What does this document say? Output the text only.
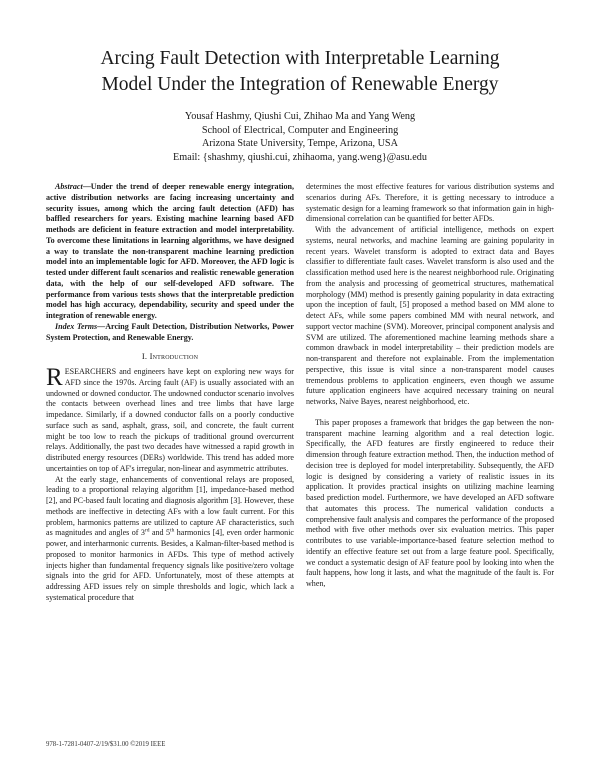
Arcing Fault Detection with Interpretable Learning
Model Under the Integration of Renewable Energy
Yousaf Hashmy, Qiushi Cui, Zhihao Ma and Yang Weng
School of Electrical, Computer and Engineering
Arizona State University, Tempe, Arizona, USA
Email: {shashmy, qiushi.cui, zhihaoma, yang.weng}@asu.edu

Abstract—Under the trend of deeper renewable energy integration, active distribution networks are facing increasing uncertainty and security issues, among which the arcing fault detection (AFD) has baffled researchers for years. Existing machine learning based AFD methods are deficient in feature extraction and model interpretability. To overcome these limitations in learning algorithms, we have designed a way to translate the non-transparent machine learning prediction model into an implementable logic for AFD. Moreover, the AFD logic is tested under different fault scenarios and realistic renewable generation data, with the help of our self-developed AFD software. The performance from various tests shows that the interpretable prediction model has high accuracy, dependability, security and speed under the integration of renewable energy.

Index Terms—Arcing Fault Detection, Distribution Networks, Power System Protection, and Renewable Energy.

I. Introduction

RESEARCHERS and engineers have kept on exploring new ways for AFD since the 1970s. Arcing fault (AF) is usually associated with an undowned or downed conductor. The undowned conductor scenario involves the contacts between overhead lines and tree limbs that have large impedance. Similarly, if a downed conductor falls on a poorly conductive surface such as sand, asphalt, grass, soil, and concrete, the fault current might be too low to reach the pickups of traditional ground overcurrent relays. Additionally, the past two decades have witnessed a rapid growth in distributed energy resources (DERs) worldwide. This trend has added more uncertainties on top of AF's irregular, non-linear and asymmetric attributes.

At the early stage, enhancements of conventional relays are proposed, leading to a proportional relaying algorithm [1], impedance-based method [2], and PC-based fault locating and diagnosis algorithm [3]. However, these methods are ineffective in detecting AFs with a low fault current. For this problem, harmonics patterns are utilized to capture AF characteristics, such as magnitudes and angles of 3rd and 5th harmonics [4], even order harmonic power, and interharmonic currents. Besides, a Kalman-filter-based method is proposed to monitor harmonics in AFDs. This type of method actively injects higher than fundamental frequency signals like positive/zero voltage signals into the grid for AFD. Unfortunately, most of these attempts at addressing AFD issues rely on simple thresholds and logic, which lack a systematical procedure that

978-1-7281-0407-2/19/$31.00 ©2019 IEEE

determines the most effective features for various distribution systems and scenarios during AFs. Therefore, it is getting necessary to introduce a systematic design for a learning framework so that information gain in high-dimensional correlation can be quantified for better AFDs.

With the advancement of artificial intelligence, methods on expert systems, neural networks, and machine learning are gaining popularity in recent years. Wavelet transform is adopted to extract data and Bayes classifier to differentiate fault cases. Wavelet transform is also used and the classification method used here is the nearest neighborhood rule. Originating from the analysis and processing of geometrical structures, mathematical morphology (MM) method is presently gaining popularity in data extracting upon the inception of fault, [5] proposed a method based on MM alone to detect AFs, while some papers combined MM with neural network, and support vector machine (SVM). Moreover, principal component analysis and SVM are utilized. The aforementioned machine learning methods share a common drawback in model interpretability – their prediction models are non-transparent and therefore not explainable. From the implementation perspective, this issue is vital since a non-transparent model causes tremendous problems to application engineers, even though we assume future application engineers have acquired necessary training on neural networks, Naive Bayes, nearest neighborhood, etc.

This paper proposes a framework that bridges the gap between the non-transparent machine learning algorithm and a real detection logic. Specifically, the AFD features are firstly engineered to reduce their dimension through feature extraction method. Then, the induction method of decision tree is deployed for model interpretability. Subsequently, the AFD logic is designed by considering a variety of realistic issues in its application. It provides practical insights on utilizing machine learning based prediction model. Furthermore, we have developed an AFD software that automates this process. The numerical validation conducts a comprehensive fault analysis and compares the performance of the proposed method with five other methods over six evaluation metrics. This paper contributes to use variable-importance-based feature selection method to identify an effective feature set out from a large feature pool. Specifically, we conduct a systematic design of AF feature pool by looking into when the fault happens, how long it lasts, and what the magnitude of the fault is. For when,
